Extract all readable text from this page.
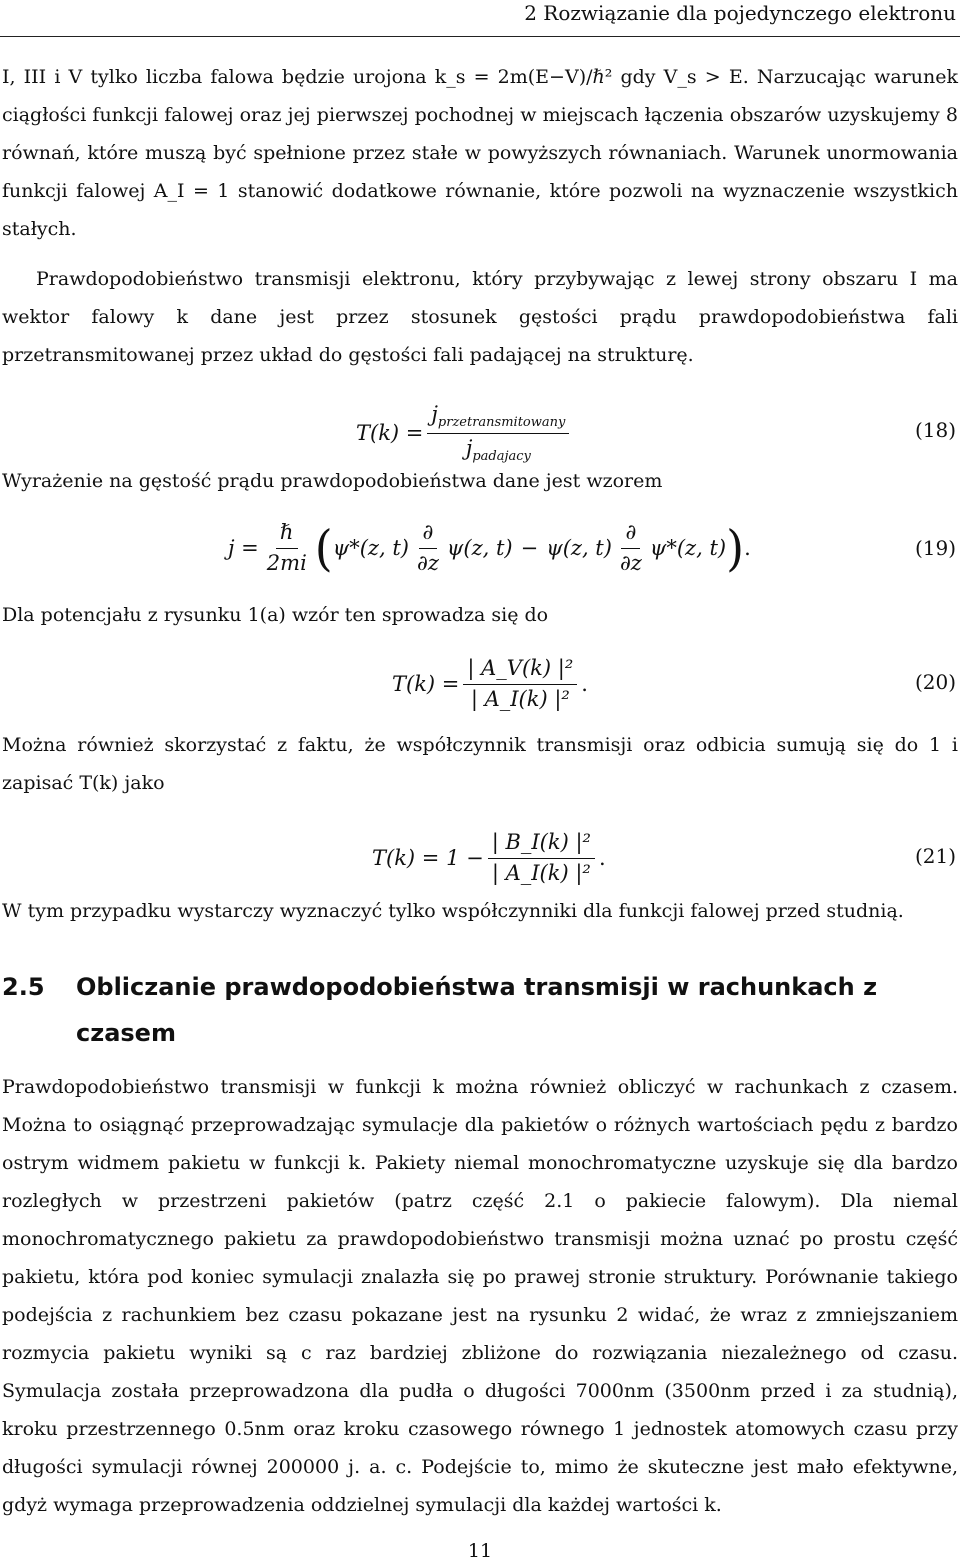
2 Rozwiązanie dla pojedynczego elektronu

I, III i V tylko liczba falowa będzie urojona k_s = 2m(E−V)/ℏ² gdy V_s > E. Narzucając warunek ciągłości funkcji falowej oraz jej pierwszej pochodnej w miejscach łączenia obszarów uzyskujemy 8 równań, które muszą być spełnione przez stałe w powyższych równaniach. Warunek unormowania funkcji falowej A_I = 1 stanowić dodatkowe równanie, które pozwoli na wyznaczenie wszystkich stałych.

Prawdopodobieństwo transmisji elektronu, który przybywając z lewej strony obszaru I ma wektor falowy k dane jest przez stosunek gęstości prądu prawdopodobieństwa fali przetransmitowanej przez układ do gęstości fali padającej na strukturę.

$T(k) = \frac{j_{przetransmitowany}}{j_{padajacy}}$	(18)

Wyrażenie na gęstość prądu prawdopodobieństwa dane jest wzorem

$j = \frac{\text{ℏ}}{2mi}$ ( ψ*(z, $t) \frac{\partial}{\partial z} \psi(z$, t) − ψ(z, $t) \frac{\partial}{\partial z} \psi*(z$, t) ) .	(19)

Dla potencjału z rysunku 1(a) wzór ten sprowadza się do

$T(k) = \frac{\text{| A\_V(k) |²}}{\text{| A\_I(k) |²}}$ .	(20)

Można również skorzystać z faktu, że współczynnik transmisji oraz odbicia sumują się do 1 i zapisać T(k) jako

$T(k) = 1 - \frac{\text{| B\_I(k) |²}}{\text{| A\_I(k) |²}}$ .	(21)

W tym przypadku wystarczy wyznaczyć tylko współczynniki dla funkcji falowej przed studnią.

2.5 Obliczanie prawdopodobieństwa transmisji w rachunkach z czasem

Prawdopodobieństwo transmisji w funkcji k można również obliczyć w rachunkach z czasem. Można to osiągnąć przeprowadzając symulacje dla pakietów o różnych wartościach pędu z bardzo ostrym widmem pakietu w funkcji k. Pakiety niemal monochromatyczne uzyskuje się dla bardzo rozległych w przestrzeni pakietów (patrz część 2.1 o pakiecie falowym). Dla niemal monochromatycznego pakietu za prawdopodobieństwo transmisji można uznać po prostu część pakietu, która pod koniec symulacji znalazła się po prawej stronie struktury. Porównanie takiego podejścia z rachunkiem bez czasu pokazane jest na rysunku 2 widać, że wraz z zmniejszaniem rozmycia pakietu wyniki są c raz bardziej zbliżone do rozwiązania niezależnego od czasu. Symulacja została przeprowadzona dla pudła o długości 7000nm (3500nm przed i za studnią), kroku przestrzennego 0.5nm oraz kroku czasowego równego 1 jednostek atomowych czasu przy długości symulacji równej 200000 j. a. c. Podejście to, mimo że skuteczne jest mało efektywne, gdyż wymaga przeprowadzenia oddzielnej symulacji dla każdej wartości k.

11
